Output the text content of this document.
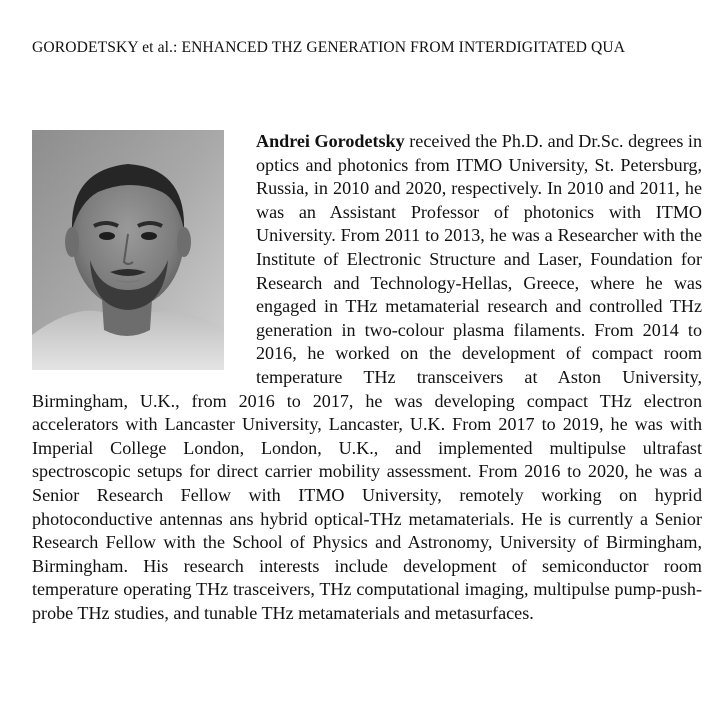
GORODETSKY et al.: ENHANCED THZ GENERATION FROM INTERDIGITATED QUA
Andrei Gorodetsky received the Ph.D. and Dr.Sc. degrees in optics and photonics from ITMO University, St. Petersburg, Russia, in 2010 and 2020, respectively. In 2010 and 2011, he was an Assistant Professor of photonics with ITMO University. From 2011 to 2013, he was a Researcher with the Institute of Electronic Structure and Laser, Foundation for Research and Technology-Hellas, Greece, where he was engaged in THz metamaterial research and controlled THz generation in two-colour plasma filaments. From 2014 to 2016, he worked on the development of compact room temperature THz transceivers at Aston University, Birmingham, U.K., from 2016 to 2017, he was developing compact THz electron accelerators with Lancaster University, Lancaster, U.K. From 2017 to 2019, he was with Imperial College London, London, U.K., and implemented multipulse ultrafast spectroscopic setups for direct carrier mobility assessment. From 2016 to 2020, he was a Senior Research Fellow with ITMO University, remotely working on hyprid photoconductive antennas ans hybrid optical-THz metamaterials. He is currently a Senior Research Fellow with the School of Physics and Astronomy, University of Birmingham, Birmingham. His research interests include development of semiconductor room temperature operating THz trasceivers, THz computational imaging, multipulse pump-push-probe THz studies, and tunable THz metamaterials and metasurfaces.
